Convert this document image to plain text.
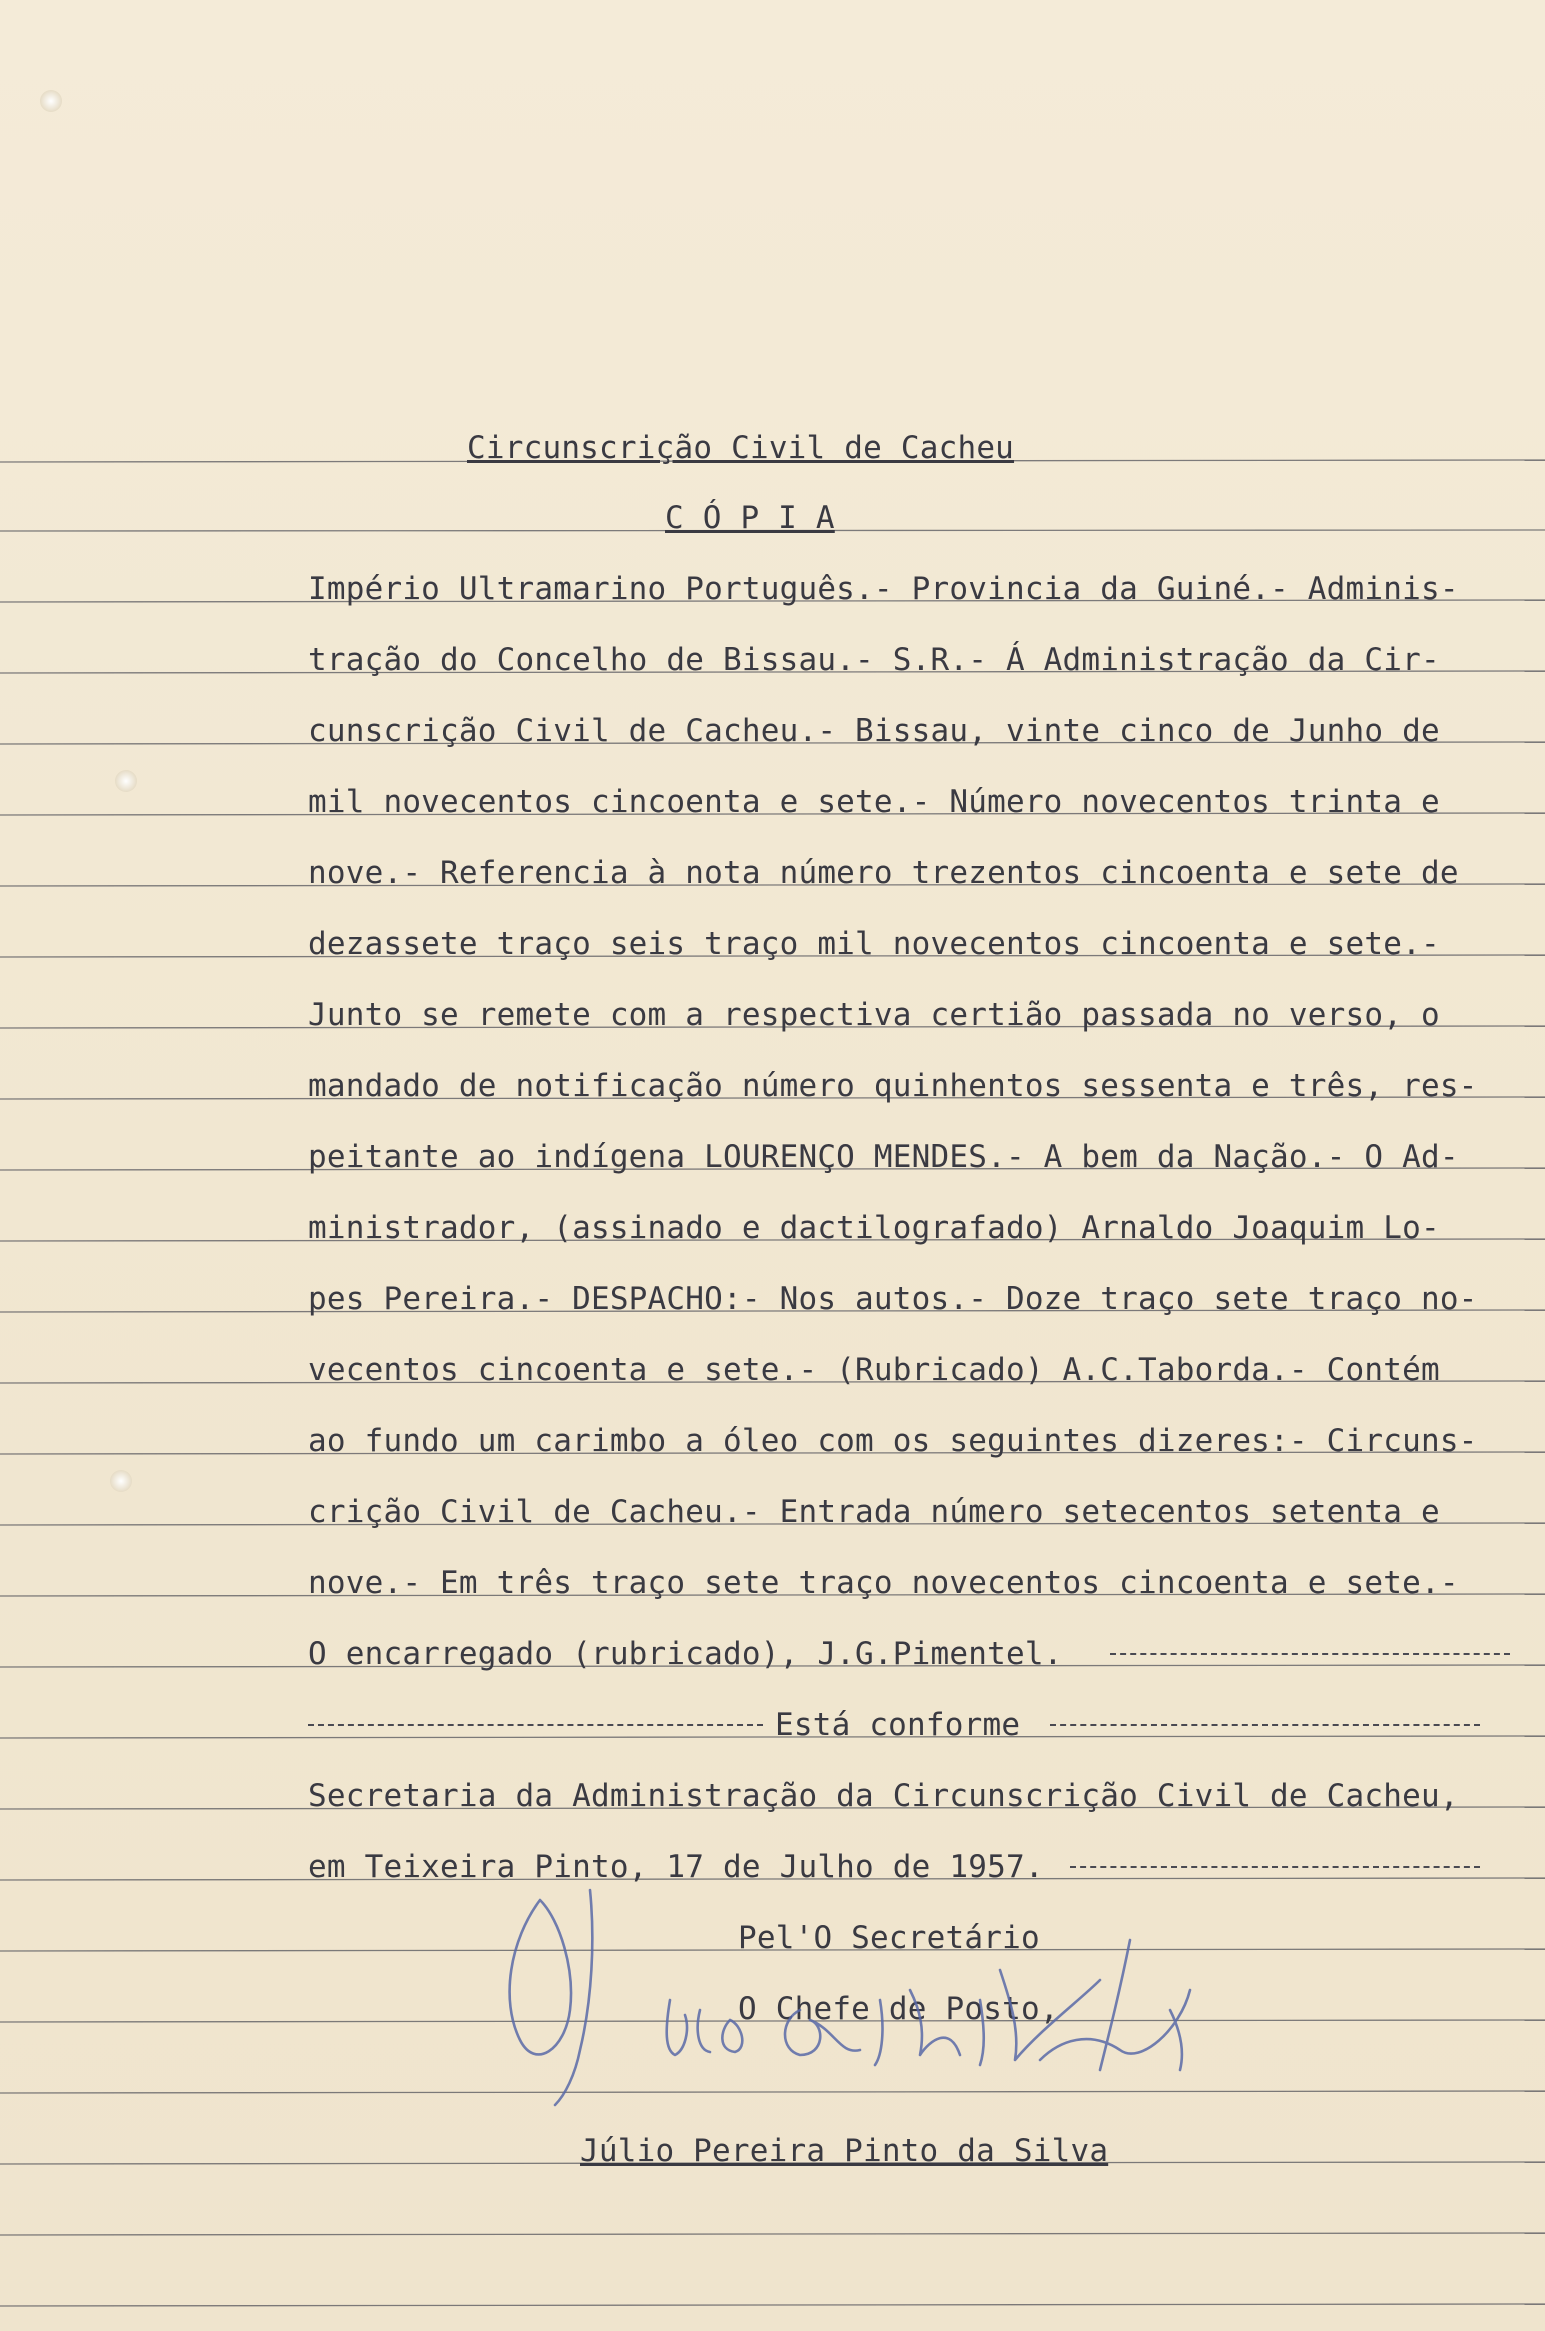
Circunscrição Civil de Cacheu

C Ó P I A

Império Ultramarino Português.- Provincia da Guiné.- Adminis-

tração do Concelho de Bissau.- S.R.- Á Administração da Cir-

cunscrição Civil de Cacheu.- Bissau, vinte cinco de Junho de

mil novecentos cincoenta e sete.- Número novecentos trinta e

nove.- Referencia à nota número trezentos cincoenta e sete de

dezassete traço seis traço mil novecentos cincoenta e sete.-

Junto se remete com a respectiva certião passada no verso, o

mandado de notificação número quinhentos sessenta e três, res-

peitante ao indígena LOURENÇO MENDES.- A bem da Nação.- O Ad-

ministrador, (assinado e dactilografado) Arnaldo Joaquim Lo-

pes Pereira.- DESPACHO:- Nos autos.- Doze traço sete traço no-

vecentos cincoenta e sete.- (Rubricado) A.C.Taborda.- Contém

ao fundo um carimbo a óleo com os seguintes dizeres:- Circuns-

crição Civil de Cacheu.- Entrada número setecentos setenta e

nove.- Em três traço sete traço novecentos cincoenta e sete.-

O encarregado (rubricado), J.G.Pimentel.

Está conforme

Secretaria da Administração da Circunscrição Civil de Cacheu,

em Teixeira Pinto, 17 de Julho de 1957.

Pel'O Secretário

O Chefe de Posto,

Júlio Pereira Pinto da Silva
